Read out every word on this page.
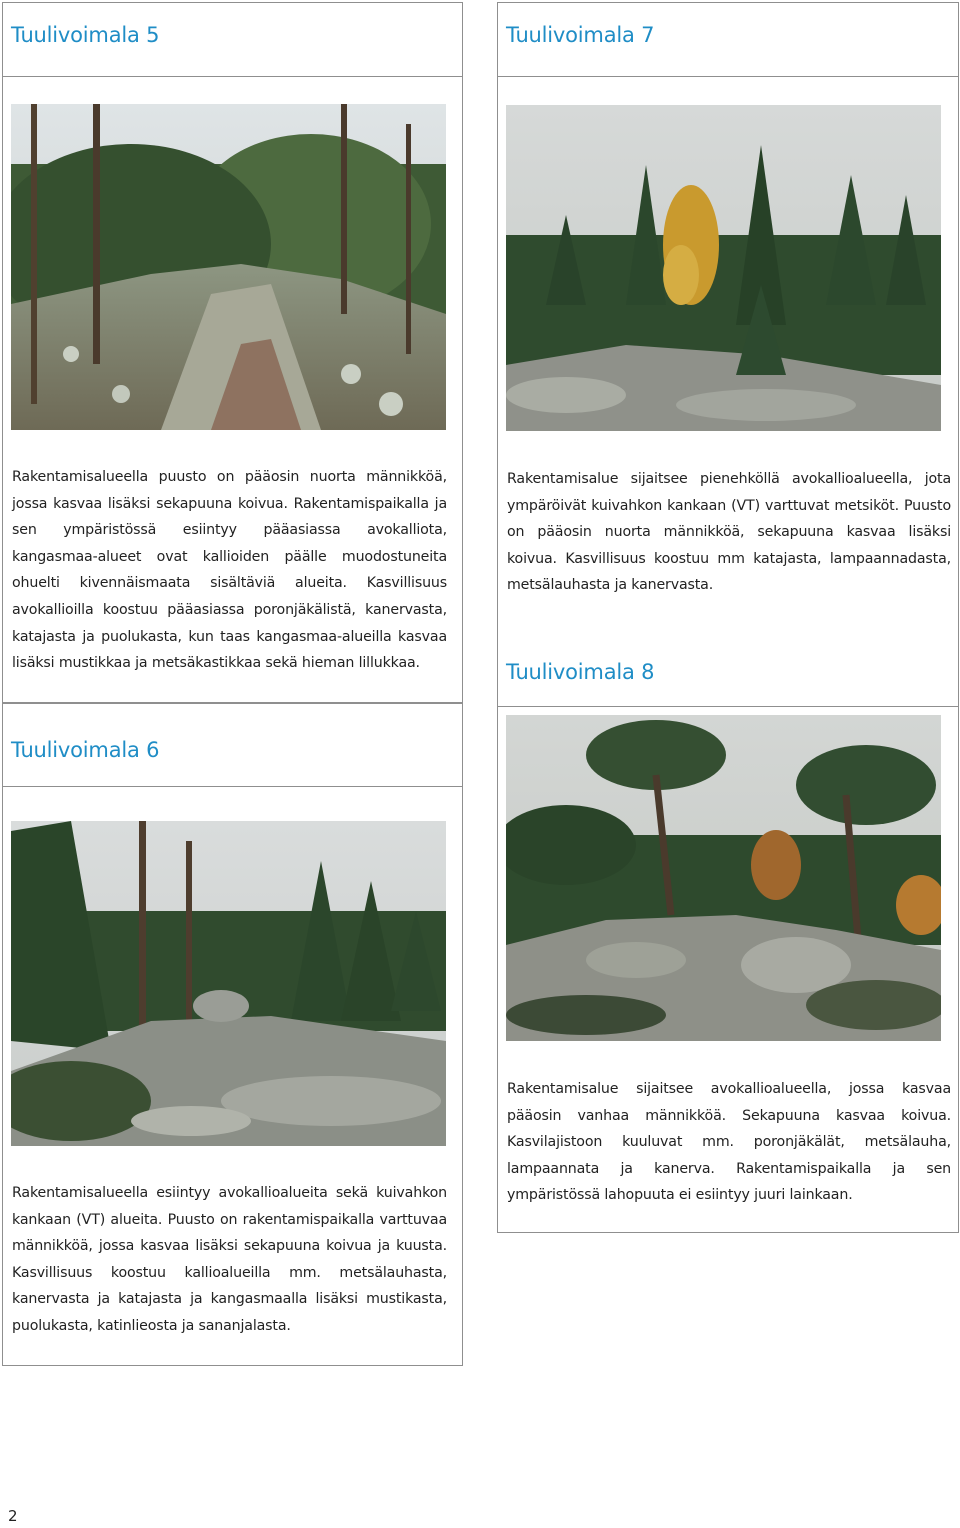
Tuulivoimala 5
Rakentamisalueella puusto on pääosin nuorta männikköä, jossa kasvaa lisäksi sekapuuna koivua. Rakentamispaikalla ja sen ympäristössä esiintyy pääasiassa avokalliota, kangasmaa-alueet ovat kallioiden päälle muodostuneita ohuelti kivennäismaata sisältäviä alueita. Kasvillisuus avokallioilla koostuu pääasiassa poronjäkälistä, kanervasta, katajasta ja puolukasta, kun taas kangasmaa-alueilla kasvaa lisäksi mustikkaa ja metsäkastikkaa sekä hieman lillukkaa.
Tuulivoimala 7
Rakentamisalue sijaitsee pienehköllä avokallioalueella, jota ympäröivät kuivahkon kankaan (VT) varttuvat metsiköt. Puusto on pääosin nuorta männikköä, sekapuuna kasvaa lisäksi koivua. Kasvillisuus koostuu mm katajasta, lampaannadasta, metsälauhasta ja kanervasta.
Tuulivoimala 8
Rakentamisalue sijaitsee avokallioalueella, jossa kasvaa pääosin vanhaa männikköä. Sekapuuna kasvaa koivua. Kasvilajistoon kuuluvat mm. poronjäkälät, metsälauha, lampaannata ja kanerva. Rakentamispaikalla ja sen ympäristössä lahopuuta ei esiintyy juuri lainkaan.
Tuulivoimala 6
Rakentamisalueella esiintyy avokallioalueita sekä kuivahkon kankaan (VT) alueita. Puusto on rakentamispaikalla varttuvaa männikköä, jossa kasvaa lisäksi sekapuuna koivua ja kuusta. Kasvillisuus koostuu kallioalueilla mm. metsälauhasta, kanervasta ja katajasta ja kangasmaalla lisäksi mustikasta, puolukasta, katinlieosta ja sananjalasta.
2
